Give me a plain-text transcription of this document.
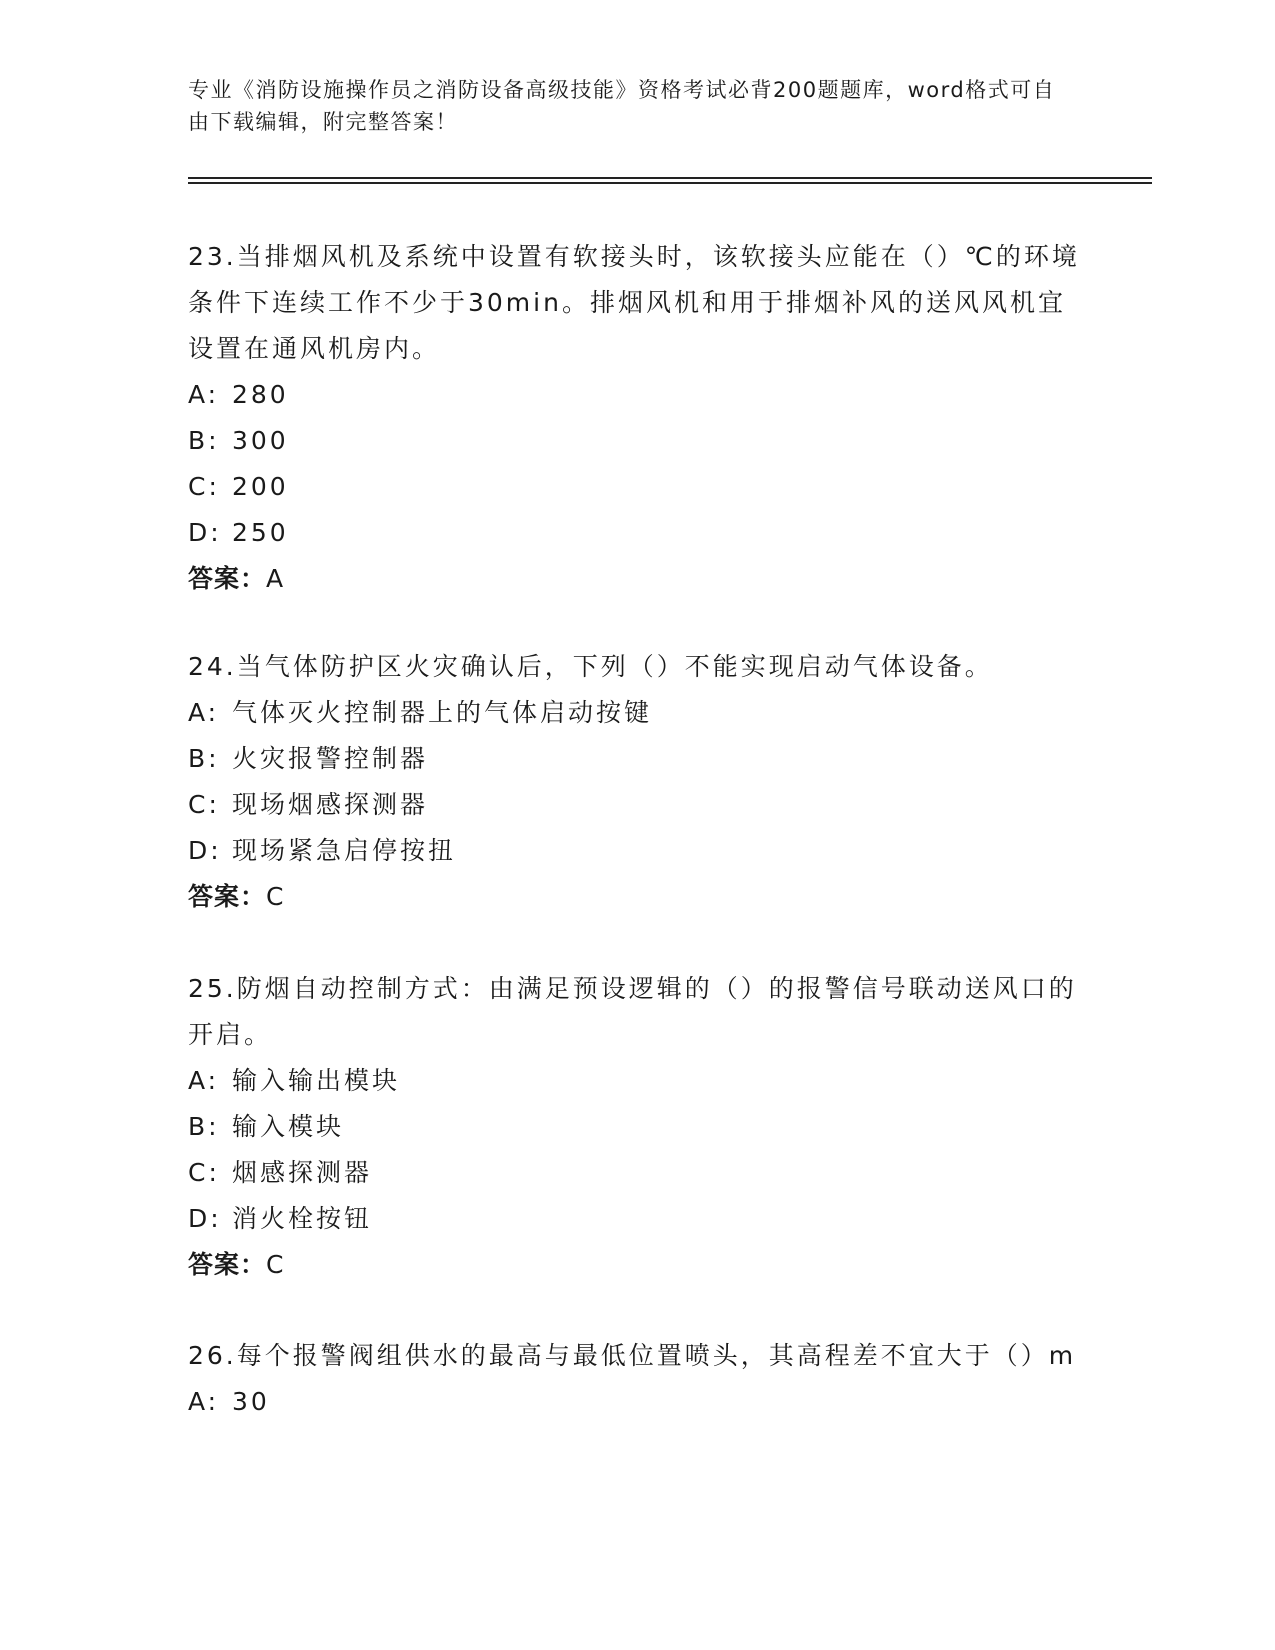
专业《消防设施操作员之消防设备高级技能》资格考试必背200题题库，word格式可自由下载编辑，附完整答案！

23.当排烟风机及系统中设置有软接头时，该软接头应能在（）℃的环境条件下连续工作不少于30min。排烟风机和用于排烟补风的送风风机宜设置在通风机房内。

A: 280

B: 300

C: 200

D: 250

答案：A

24.当气体防护区火灾确认后，下列（）不能实现启动气体设备。

A: 气体灭火控制器上的气体启动按键

B: 火灾报警控制器

C: 现场烟感探测器

D: 现场紧急启停按扭

答案：C

25.防烟自动控制方式：由满足预设逻辑的（）的报警信号联动送风口的开启。

A: 输入输出模块

B: 输入模块

C: 烟感探测器

D: 消火栓按钮

答案：C

26.每个报警阀组供水的最高与最低位置喷头，其高程差不宜大于（）m

A: 30
